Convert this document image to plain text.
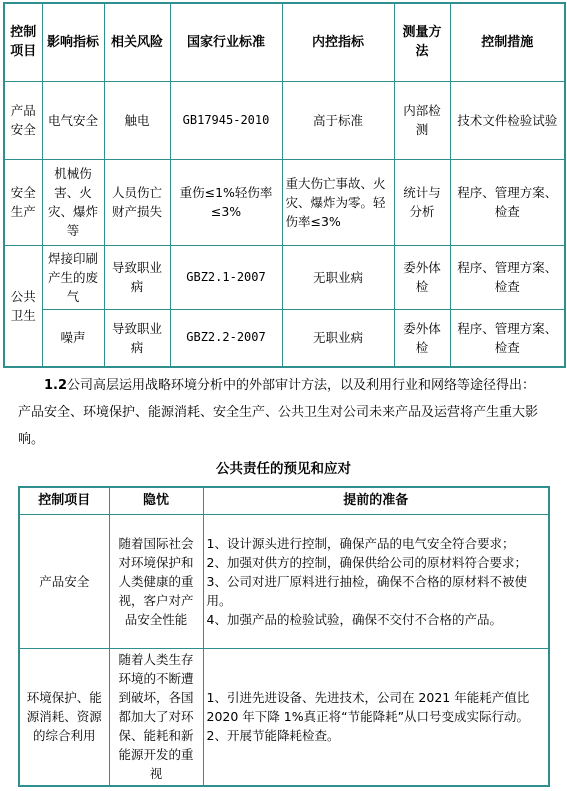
控制项目	影响指标	相关风险	国家行业标准	内控指标	测量方法	控制措施
产品安全	电气安全	触电	GB17945-2010	高于标准	内部检测	技术文件检验试验
安全生产	机械伤害、火灾、爆炸等	人员伤亡财产损失	重伤≤1%轻伤率≤3%	重大伤亡事故、火灾、爆炸为零。轻伤率≤3%	统计与分析	程序、管理方案、检查
公共卫生	焊接印刷产生的废气	导致职业病	GBZ2.1-2007	无职业病	委外体检	程序、管理方案、检查
	噪声	导致职业病	GBZ2.2-2007	无职业病	委外体检	程序、管理方案、检查

1.2公司高层运用战略环境分析中的外部审计方法，以及利用行业和网络等途径得出：产品安全、环境保护、能源消耗、安全生产、公共卫生对公司未来产品及运营将产生重大影响。

公共责任的预见和应对
控制项目	隐忧	提前的准备
产品安全	随着国际社会对环境保护和人类健康的重视，客户对产品安全性能	1、设计源头进行控制，确保产品的电气安全符合要求；
2、加强对供方的控制，确保供给公司的原材料符合要求；
3、公司对进厂原料进行抽检，确保不合格的原材料不被使用。
4、加强产品的检验试验，确保不交付不合格的产品。

环境保护、能源消耗、资源的综合利用	随着人类生存环境的不断遭到破坏，各国都加大了对环保、能耗和新能源开发的重视	1、引进先进设备、先进技术，公司在 2021 年能耗产值比 2020 年下降 1%真正将“节能降耗”从口号变成实际行动。
2、开展节能降耗检查。
